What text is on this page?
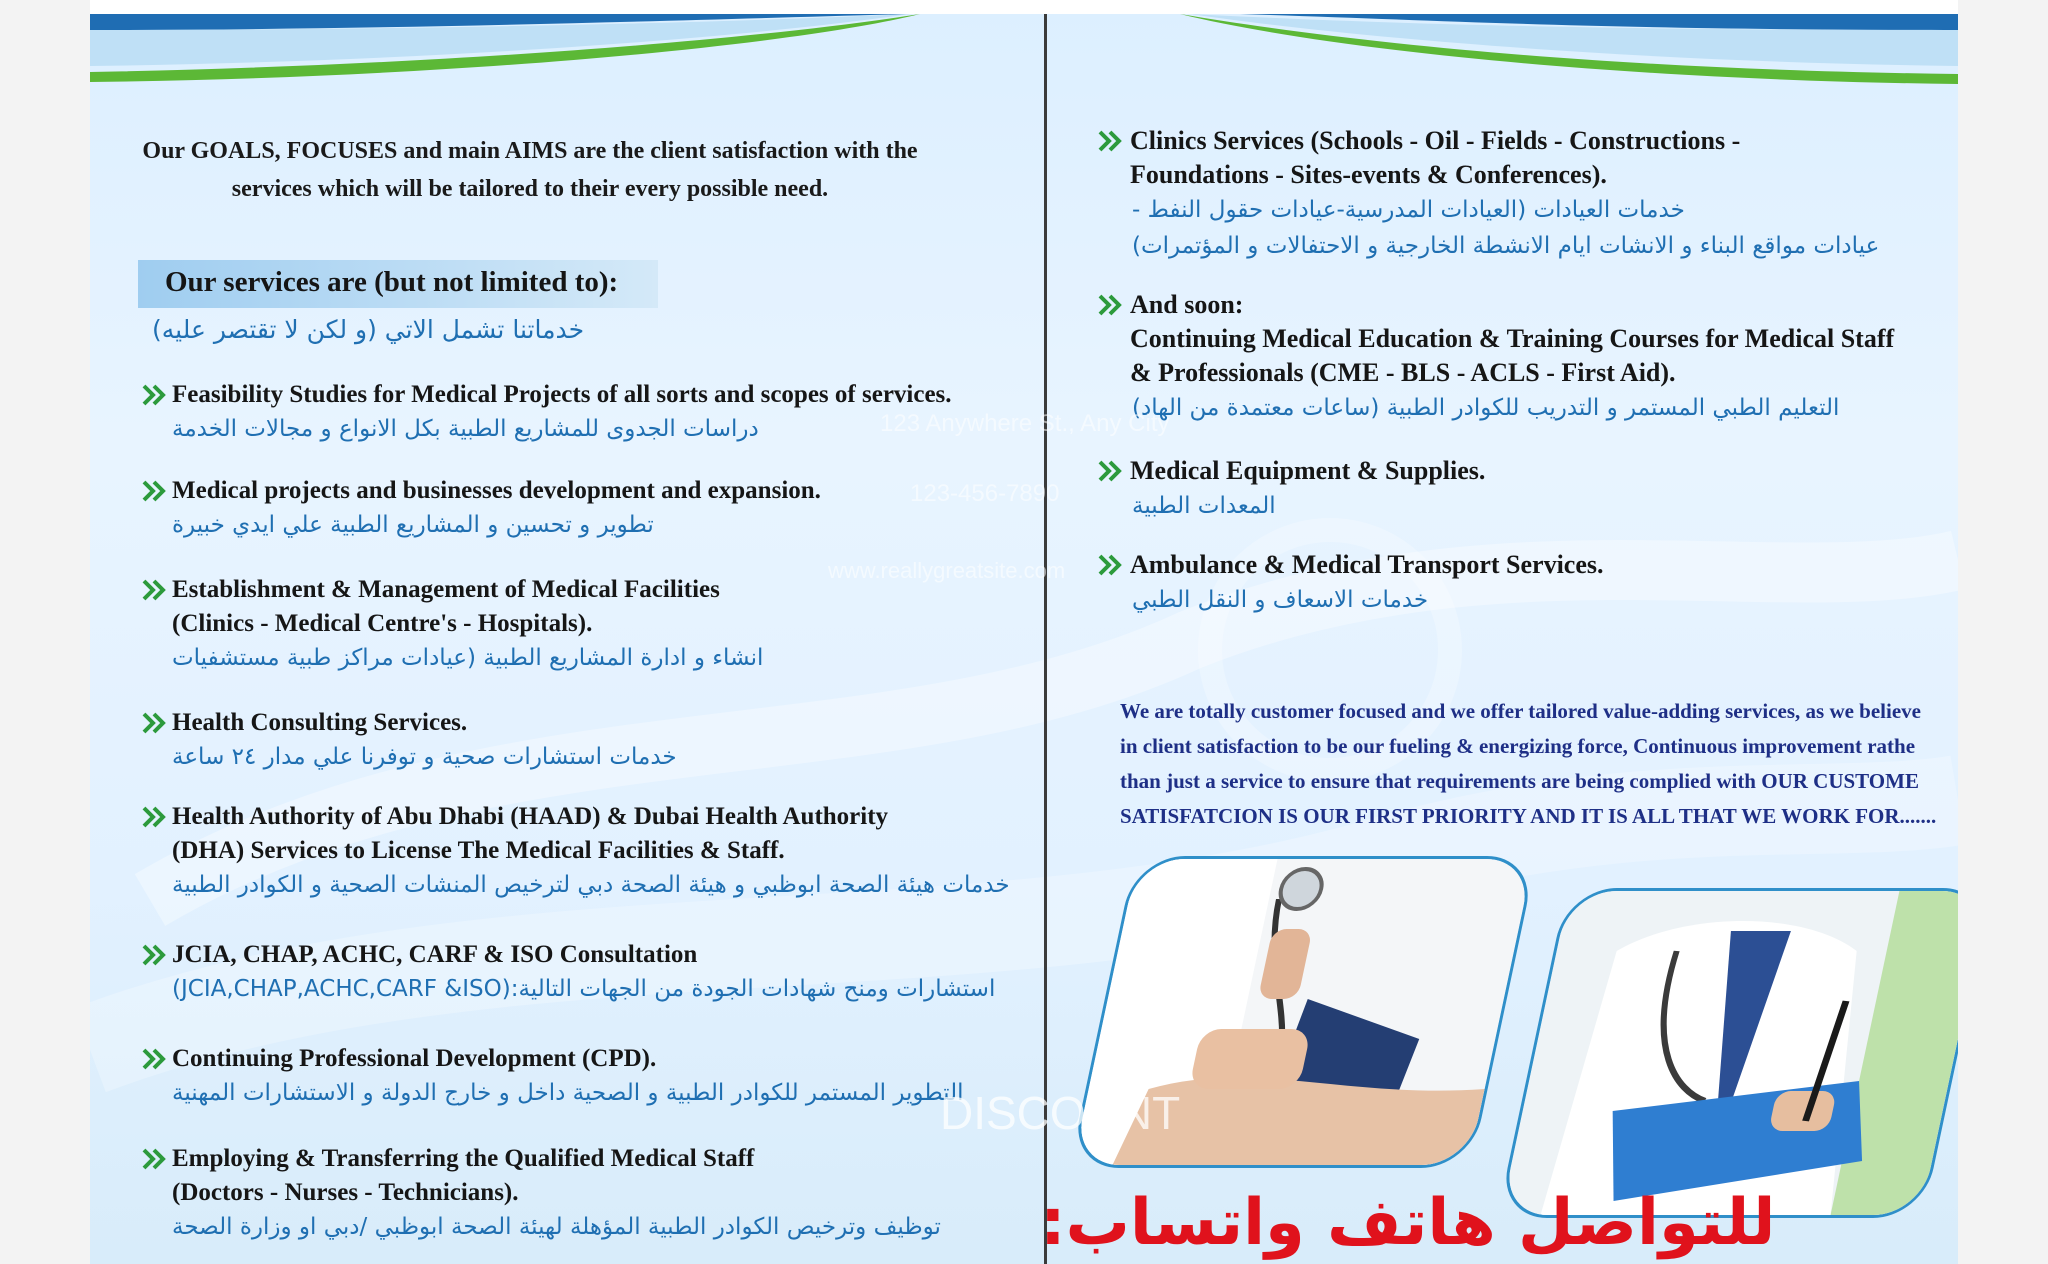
Our GOALS, FOCUSES and main AIMS are the client satisfaction with the
services which will be tailored to their every possible need.
Our services are (but not limited to):
خدماتنا تشمل الاتي (و لكن لا تقتصر عليه)
Feasibility Studies for Medical Projects of all sorts and scopes of services.
دراسات الجدوى للمشاريع الطبية بكل الانواع و مجالات الخدمة
Medical projects and businesses development and expansion.
تطوير و تحسين و المشاريع الطبية علي ايدي خبيرة
Establishment & Management of Medical Facilities
(Clinics - Medical Centre's - Hospitals).
انشاء و ادارة المشاريع الطبية (عيادات مراكز طبية مستشفيات
Health Consulting Services.
خدمات استشارات صحية و توفرنا علي مدار ٢٤ ساعة
Health Authority of Abu Dhabi (HAAD) & Dubai Health Authority
(DHA) Services to License The Medical Facilities & Staff.
خدمات هيئة الصحة ابوظبي و هيئة الصحة دبي لترخيص المنشات الصحية و الكوادر الطبية
JCIA, CHAP, ACHC, CARF & ISO Consultation
استشارات ومنح شهادات الجودة من الجهات التالية:(JCIA,CHAP,ACHC,CARF &ISO)
Continuing Professional Development (CPD).
التطوير المستمر للكوادر الطبية و الصحية داخل و خارج الدولة و الاستشارات المهنية
Employing & Transferring the Qualified Medical Staff
(Doctors - Nurses - Technicians).
توظيف وترخيص الكوادر الطبية المؤهلة لهيئة الصحة ابوظبي /دبي او وزارة الصحة
Clinics Services (Schools - Oil - Fields - Constructions -
Foundations - Sites-events & Conferences).
خدمات العيادات (العيادات المدرسية-عيادات حقول النفط -
عيادات مواقع البناء و الانشات ايام الانشطة الخارجية و الاحتفالات و المؤتمرات)
And soon:
Continuing Medical Education & Training Courses for Medical Staff
& Professionals (CME - BLS - ACLS - First Aid).
التعليم الطبي المستمر و التدريب للكوادر الطبية (ساعات معتمدة من الهاد)
Medical Equipment & Supplies.
المعدات الطبية
Ambulance & Medical Transport Services.
خدمات الاسعاف و النقل الطبي
We are totally customer focused and we offer tailored value-adding services, as we believe
in client satisfaction to be our fueling & energizing force, Continuous improvement rathe
than just a service to ensure that requirements are being complied with OUR CUSTOME
SATISFATCION IS OUR FIRST PRIORITY AND IT IS ALL THAT WE WORK FOR.......
للتواصل هاتف واتساب:
123 Anywhere St., Any City
123-456-7890
www.reallygreatsite.com
DISCOUNT
